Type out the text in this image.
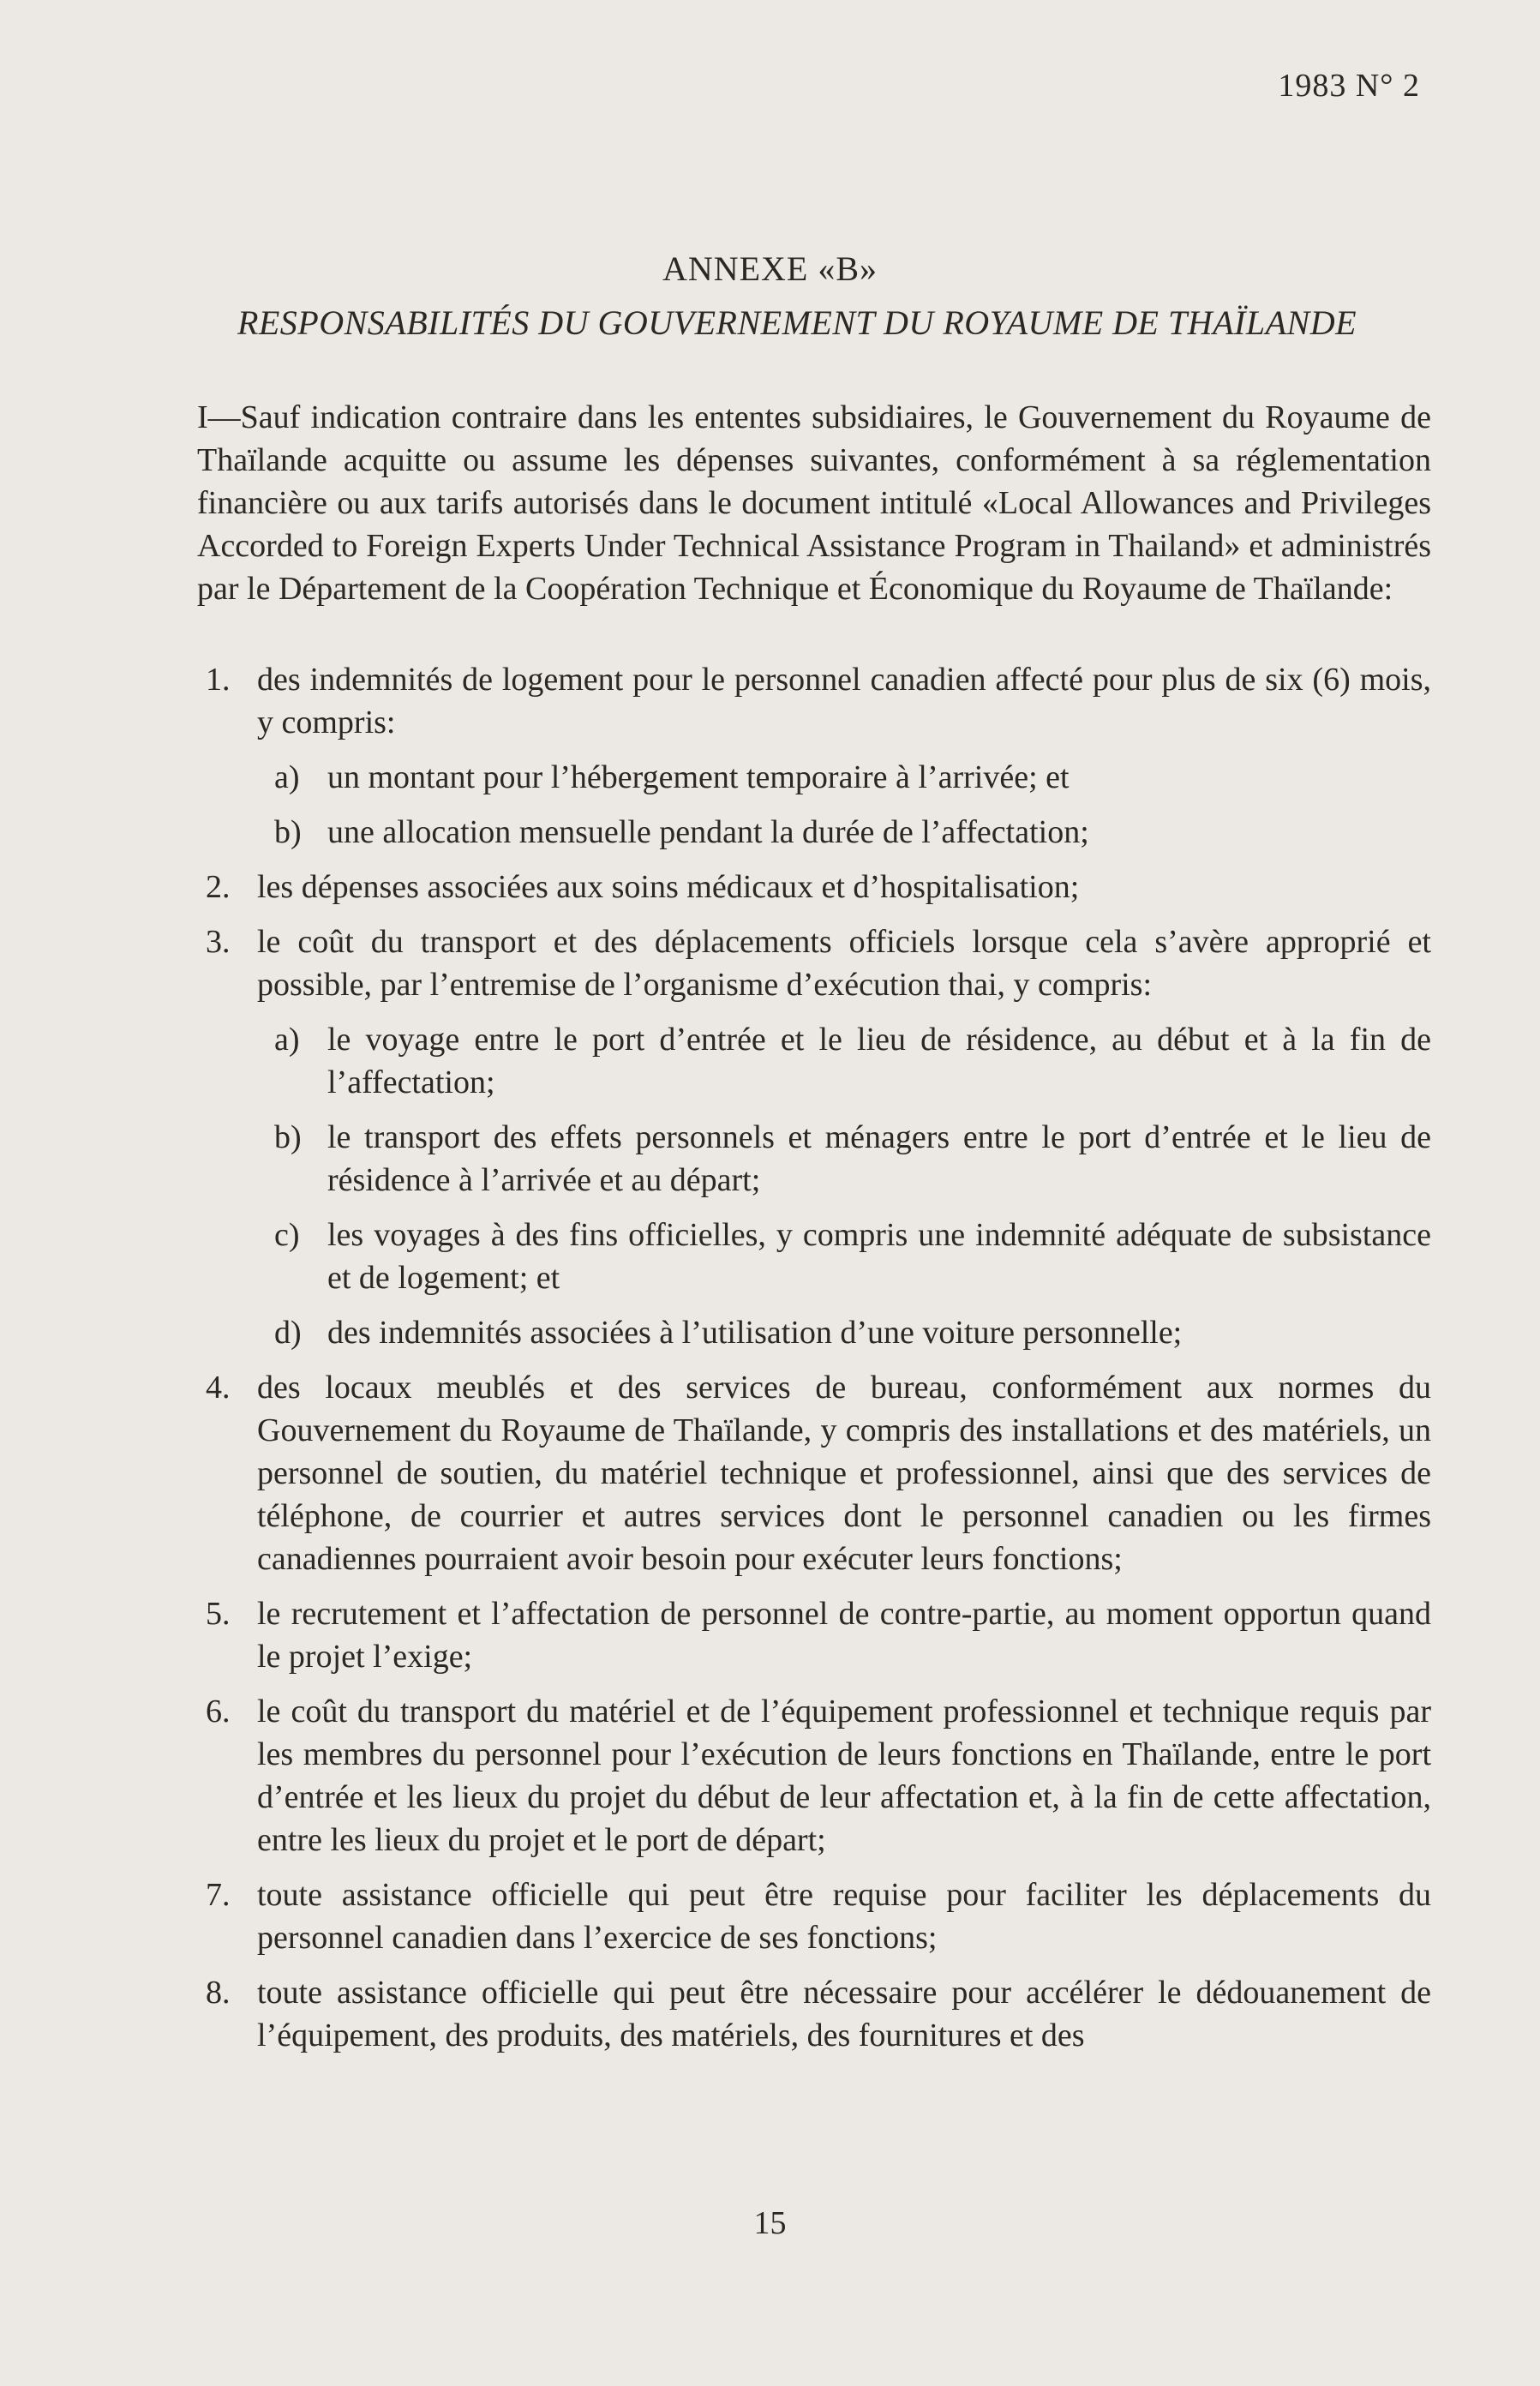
1983 N° 2
ANNEXE «B»
RESPONSABILITÉS DU GOUVERNEMENT DU ROYAUME DE THAÏLANDE

I—Sauf indication contraire dans les ententes subsidiaires, le Gouvernement du Royaume de Thaïlande acquitte ou assume les dépenses suivantes, conformément à sa réglementation financière ou aux tarifs autorisés dans le document intitulé «Local Allowances and Privileges Accorded to Foreign Experts Under Technical Assistance Program in Thailand» et administrés par le Département de la Coopération Technique et Économique du Royaume de Thaïlande:

1. des indemnités de logement pour le personnel canadien affecté pour plus de six (6) mois, y compris:
a) un montant pour l’hébergement temporaire à l’arrivée; et
b) une allocation mensuelle pendant la durée de l’affectation;
2. les dépenses associées aux soins médicaux et d’hospitalisation;
3. le coût du transport et des déplacements officiels lorsque cela s’avère approprié et possible, par l’entremise de l’organisme d’exécution thai, y compris:
a) le voyage entre le port d’entrée et le lieu de résidence, au début et à la fin de l’affectation;
b) le transport des effets personnels et ménagers entre le port d’entrée et le lieu de résidence à l’arrivée et au départ;
c) les voyages à des fins officielles, y compris une indemnité adéquate de subsistance et de logement; et
d) des indemnités associées à l’utilisation d’une voiture personnelle;
4. des locaux meublés et des services de bureau, conformément aux normes du Gouvernement du Royaume de Thaïlande, y compris des installations et des matériels, un personnel de soutien, du matériel technique et professionnel, ainsi que des services de téléphone, de courrier et autres services dont le personnel canadien ou les firmes canadiennes pourraient avoir besoin pour exécuter leurs fonctions;
5. le recrutement et l’affectation de personnel de contre-partie, au moment opportun quand le projet l’exige;
6. le coût du transport du matériel et de l’équipement professionnel et technique requis par les membres du personnel pour l’exécution de leurs fonctions en Thaïlande, entre le port d’entrée et les lieux du projet du début de leur affectation et, à la fin de cette affectation, entre les lieux du projet et le port de départ;
7. toute assistance officielle qui peut être requise pour faciliter les déplacements du personnel canadien dans l’exercice de ses fonctions;
8. toute assistance officielle qui peut être nécessaire pour accélérer le dédouanement de l’équipement, des produits, des matériels, des fournitures et des
15
